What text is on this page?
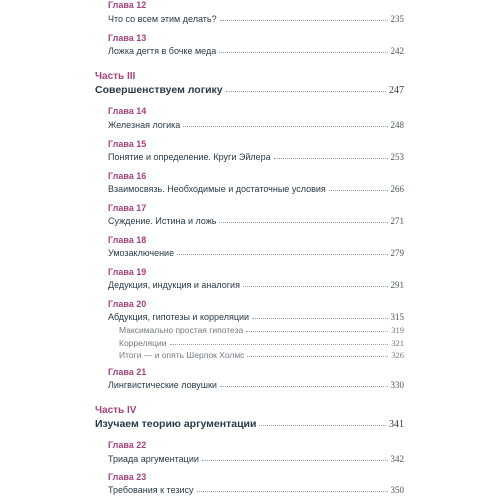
Глава 12
Что со всем этим делать?	235
Глава 13
Ложка дегтя в бочке меда	242
Часть III
Совершенствуем логику	247
Глава 14
Железная логика	248
Глава 15
Понятие и определение. Круги Эйлера	253
Глава 16
Взаимосвязь. Необходимые и достаточные условия	266
Глава 17
Суждение. Истина и ложь	271
Глава 18
Умозаключение	279
Глава 19
Дедукция, индукция и аналогия	291
Глава 20
Абдукция, гипотезы и корреляции	315
Максимально простая гипотеза	319
Корреляции	321
Итоги — и опять Шерлок Холмс	326
Глава 21
Лингвистические ловушки	330
Часть IV
Изучаем теорию аргументации	341
Глава 22
Триада аргументации	342
Глава 23
Требования к тезису	350
